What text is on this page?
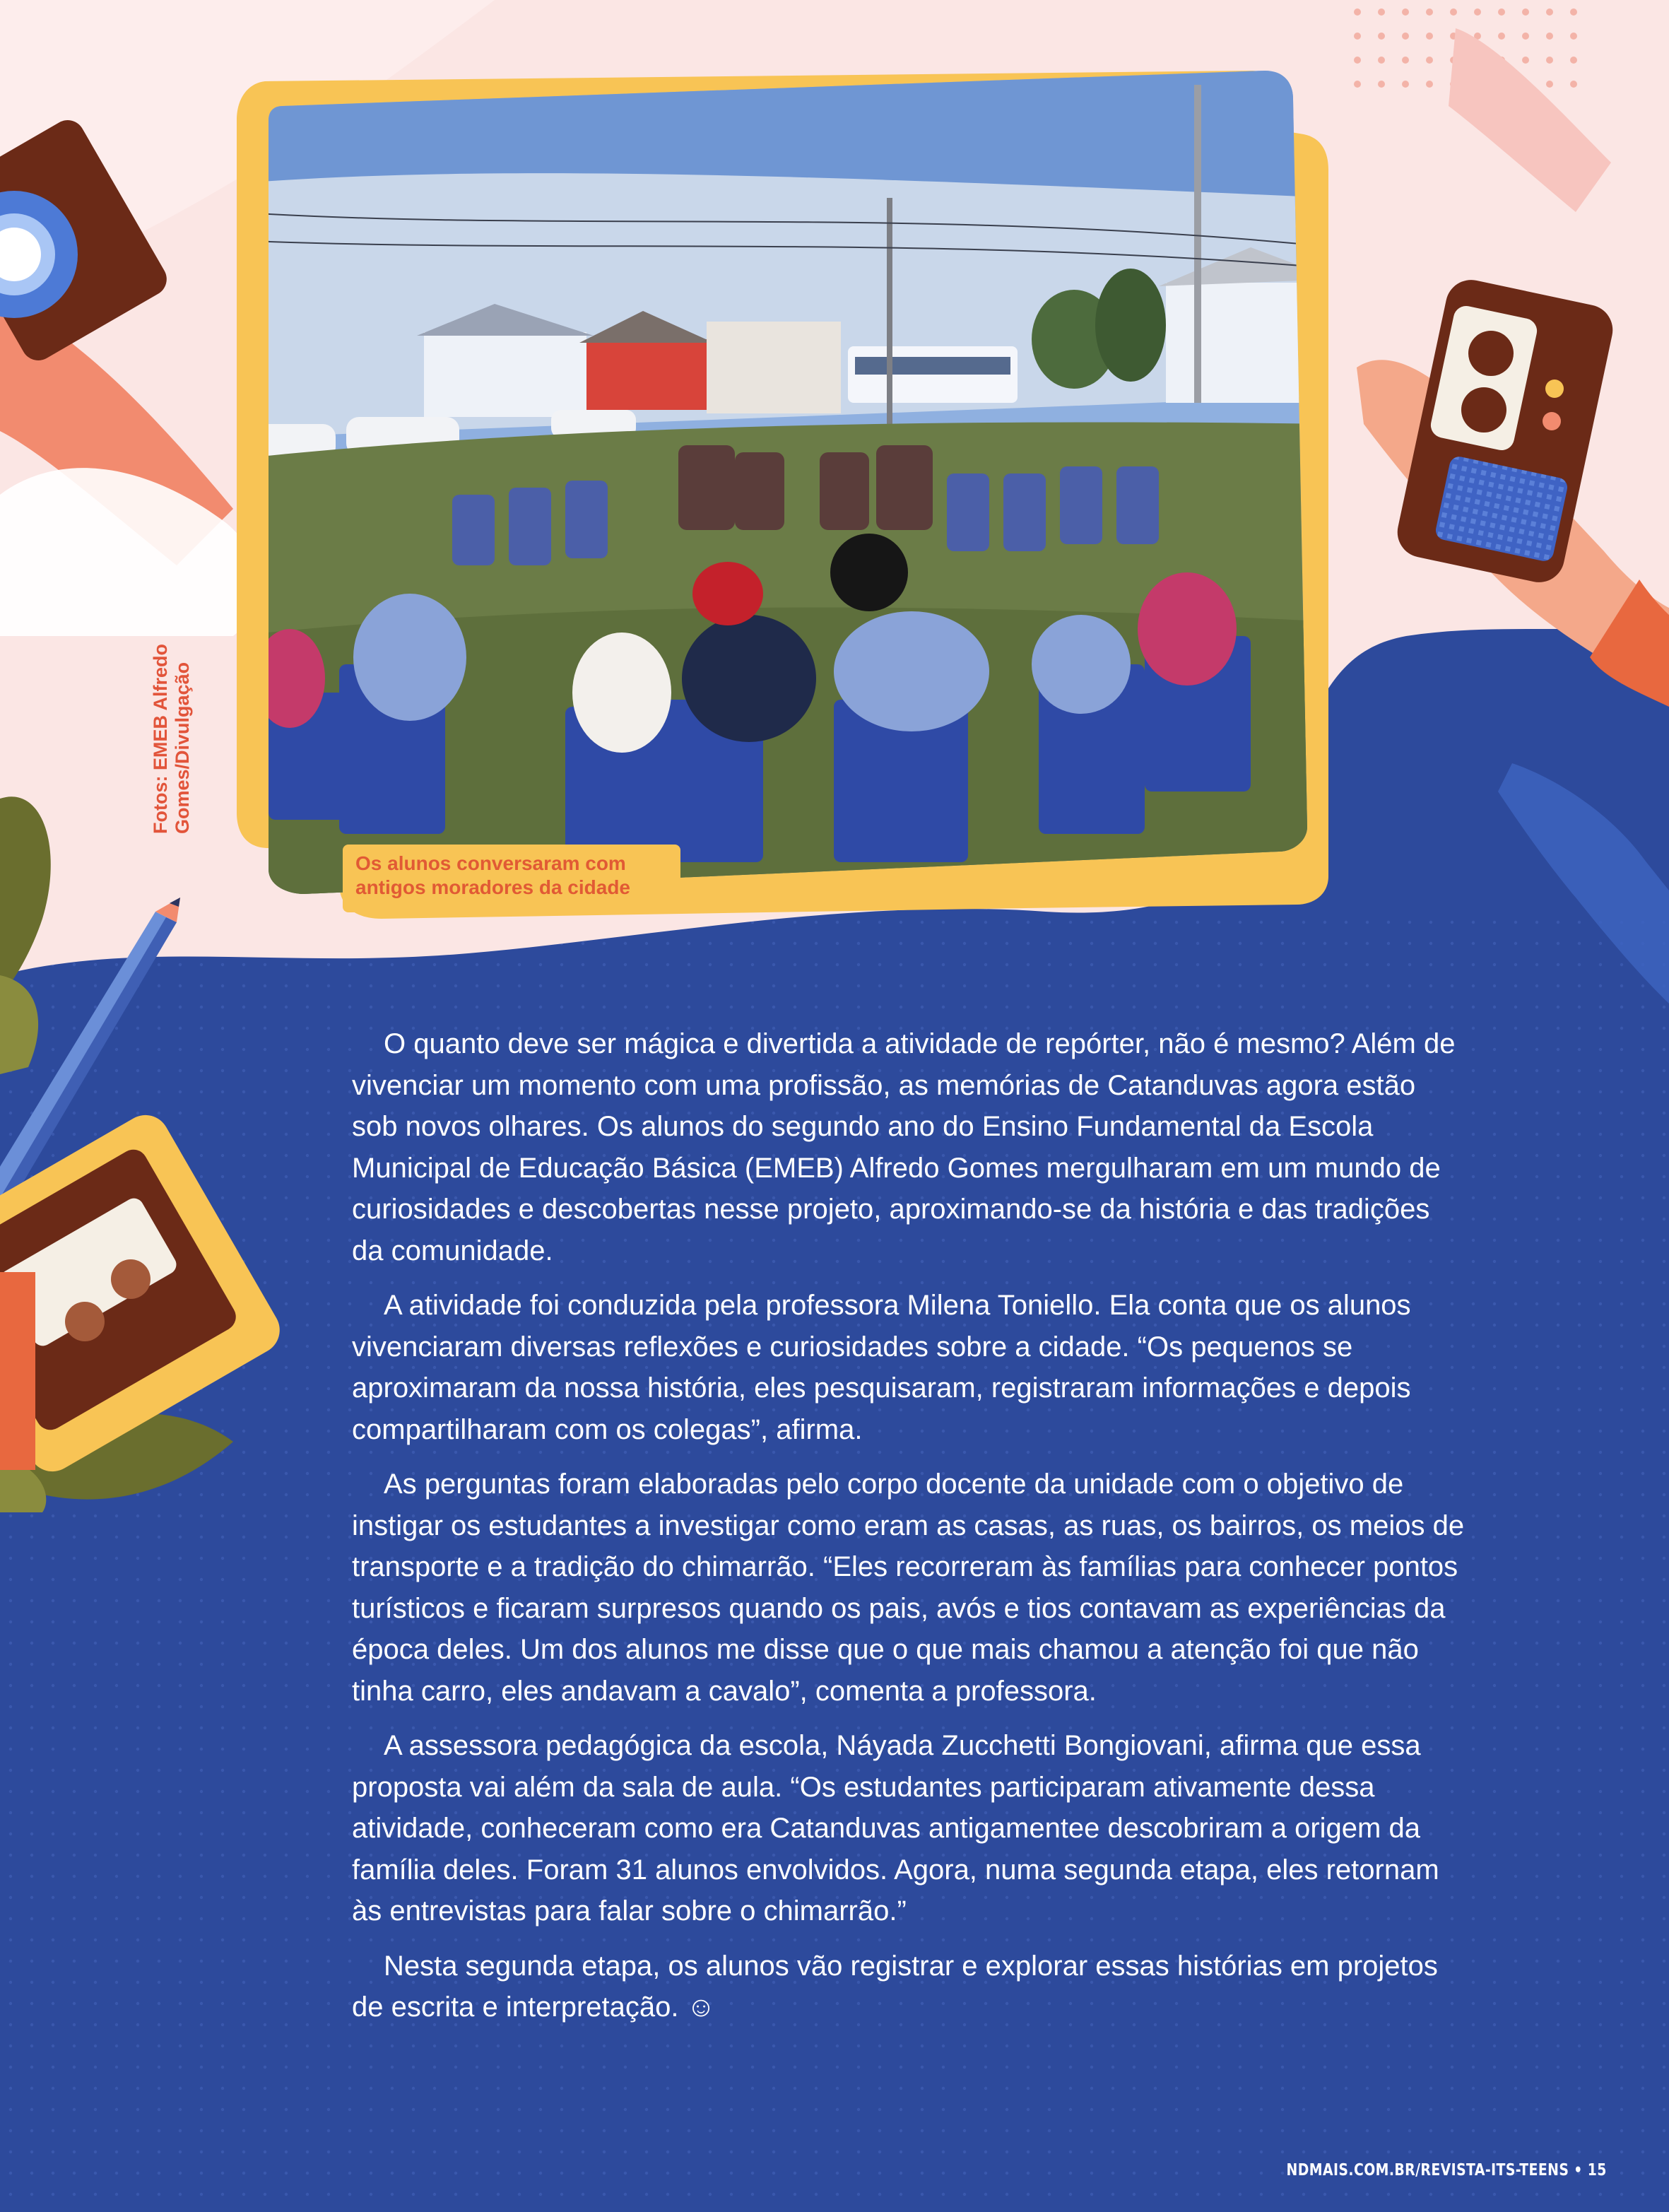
Fotos: EMEB Alfredo Gomes/Divulgação
Os alunos conversaram com antigos moradores da cidade

O quanto deve ser mágica e divertida a atividade de repórter, não é mesmo? Além de vivenciar um momento com uma profissão, as memórias de Catanduvas agora estão sob novos olhares. Os alunos do segundo ano do Ensino Fundamental da Escola Municipal de Educação Básica (EMEB) Alfredo Gomes mergulharam em um mundo de curiosidades e descobertas nesse projeto, aproximando-se da história e das tradições da comunidade.

A atividade foi conduzida pela professora Milena Toniello. Ela conta que os alunos vivenciaram diversas reflexões e curiosidades sobre a cidade. “Os pequenos se aproximaram da nossa história, eles pesquisaram, registraram informações e depois compartilharam com os colegas”, afirma.

As perguntas foram elaboradas pelo corpo docente da unidade com o objetivo de instigar os estudantes a investigar como eram as casas, as ruas, os bairros, os meios de transporte e a tradição do chimarrão. “Eles recorreram às famílias para conhecer pontos turísticos e ficaram surpresos quando os pais, avós e tios contavam as experiências da época deles. Um dos alunos me disse que o que mais chamou a atenção foi que não tinha carro, eles andavam a cavalo”, comenta a professora.

A assessora pedagógica da escola, Náyada Zucchetti Bongiovani, afirma que essa proposta vai além da sala de aula. “Os estudantes participaram ativamente dessa atividade, conheceram como era Catanduvas antigamentee descobriram a origem da família deles. Foram 31 alunos envolvidos. Agora, numa segunda etapa, eles retornam às entrevistas para falar sobre o chimarrão.”

Nesta segunda etapa, os alunos vão registrar e explorar essas histórias em projetos de escrita e interpretação. ☺

NDMAIS.COM.BR/REVISTA-ITS-TEENS • 15
